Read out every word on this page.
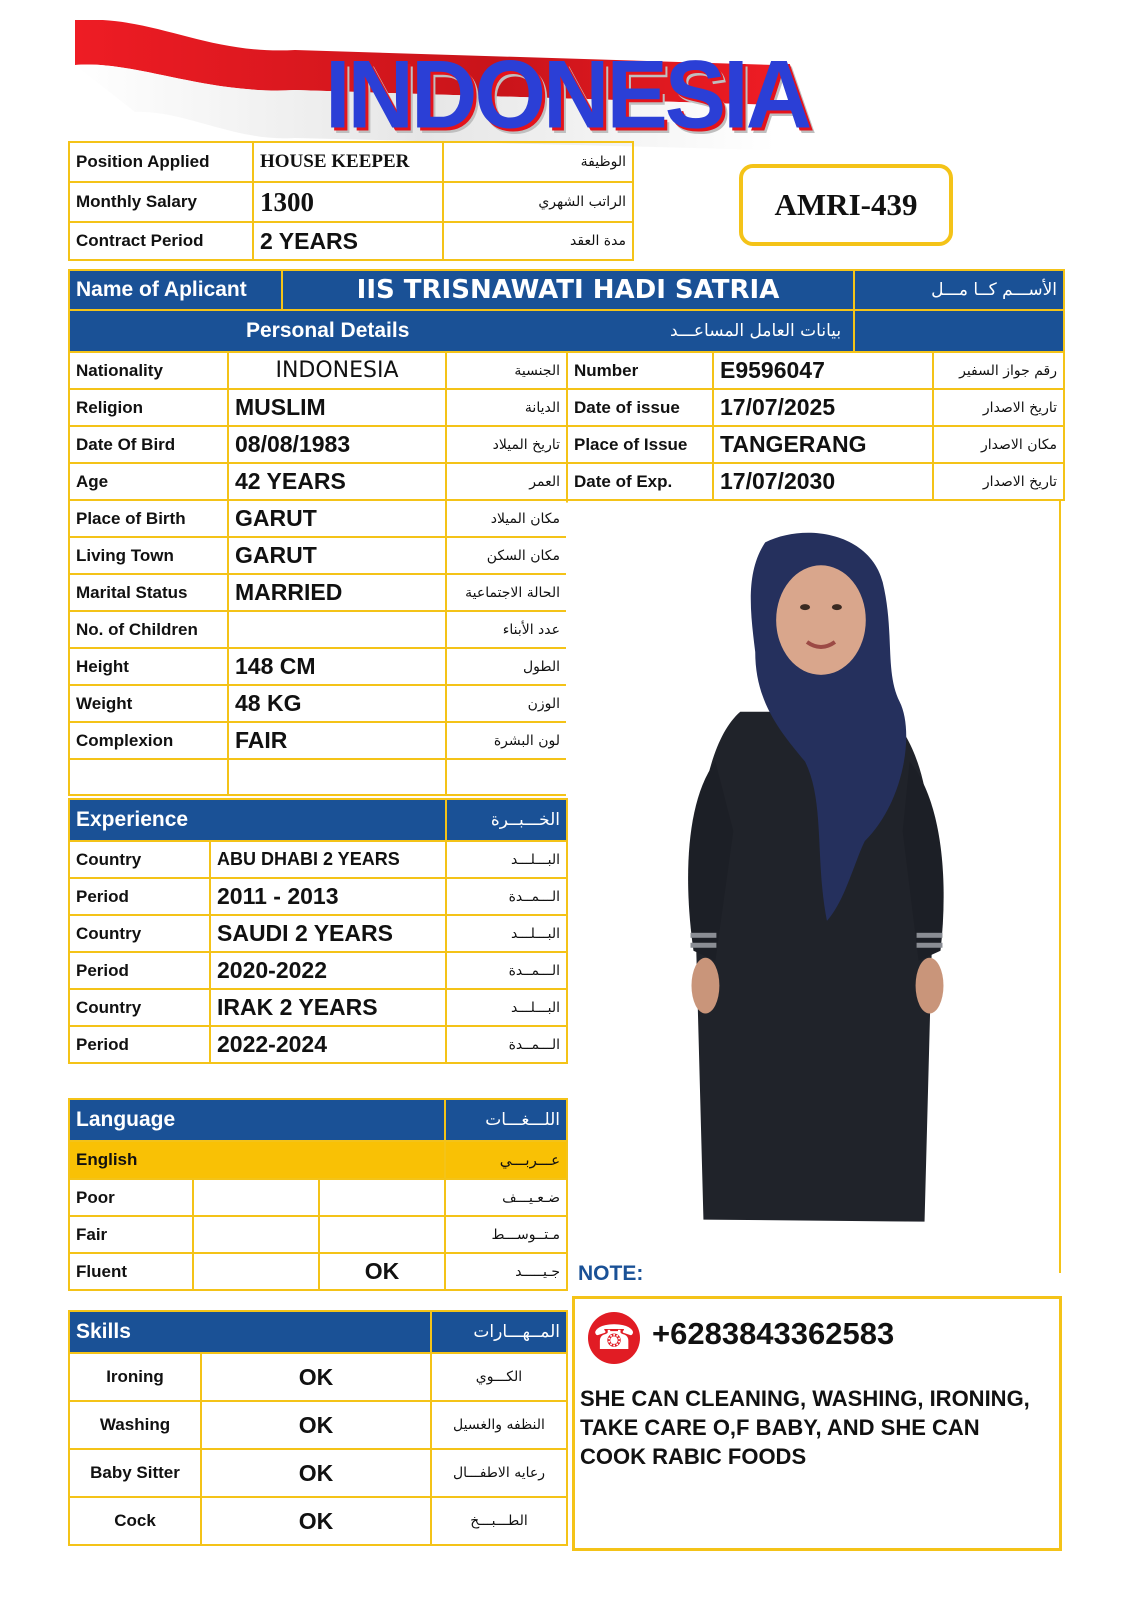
INDONESIA
Position Applied	HOUSE KEEPER	الوظيفة
Monthly Salary	1300	الراتب الشهري
Contract Period	2 YEARS	مدة العقد
AMRI-439
Name of Aplicant	IIS TRISNAWATI HADI SATRIA	الأســـم كــا مـــل
Personal Details		بيانات العامل المساعـــد
Nationality	INDONESIA	الجنسية
Religion	MUSLIM	الديانة
Date Of Bird	08/08/1983	تاريخ الميلاد
Age	42 YEARS	العمر
Place of Birth	GARUT	مكان الميلاد
Living Town	GARUT	مكان السكن
Marital Status	MARRIED	الحالة الاجتماعية
No. of Children		عدد الأبناء
Height	148 CM	الطول
Weight	48 KG	الوزن
Complexion	FAIR	لون البشرة

Number	E9596047	رقم جواز السفير
Date of issue	17/07/2025	تاريخ الاصدار
Place of Issue	TANGERANG	مكان الاصدار
Date of Exp.	17/07/2030	تاريخ الاصدار
Experience		الخـــبــرة
Country	ABU DHABI 2 YEARS	البـــلـــد
Period	2011 - 2013	الـــمــدة
Country	SAUDI 2 YEARS	البـــلـــد
Period	2020-2022	الـــمــدة
Country	IRAK 2 YEARS	البـــلـــد
Period	2022-2024	الـــمــدة
Language			اللـــغـــات
English			عـــربـــي
Poor			ضـعـيـــف
Fair			مـتــوســـط
Fluent		OK	جـيـــــد
Skills		المــهـــارات
Ironing	OK	الكـــوي
Washing	OK	النظفه والغسيل
Baby Sitter	OK	رعايه الاطفـــال
Cock	OK	الطـــبـــخ
NOTE:
☎ +6283843362583
SHE CAN CLEANING, WASHING, IRONING, TAKE CARE O,F BABY, AND SHE CAN COOK RABIC FOODS
